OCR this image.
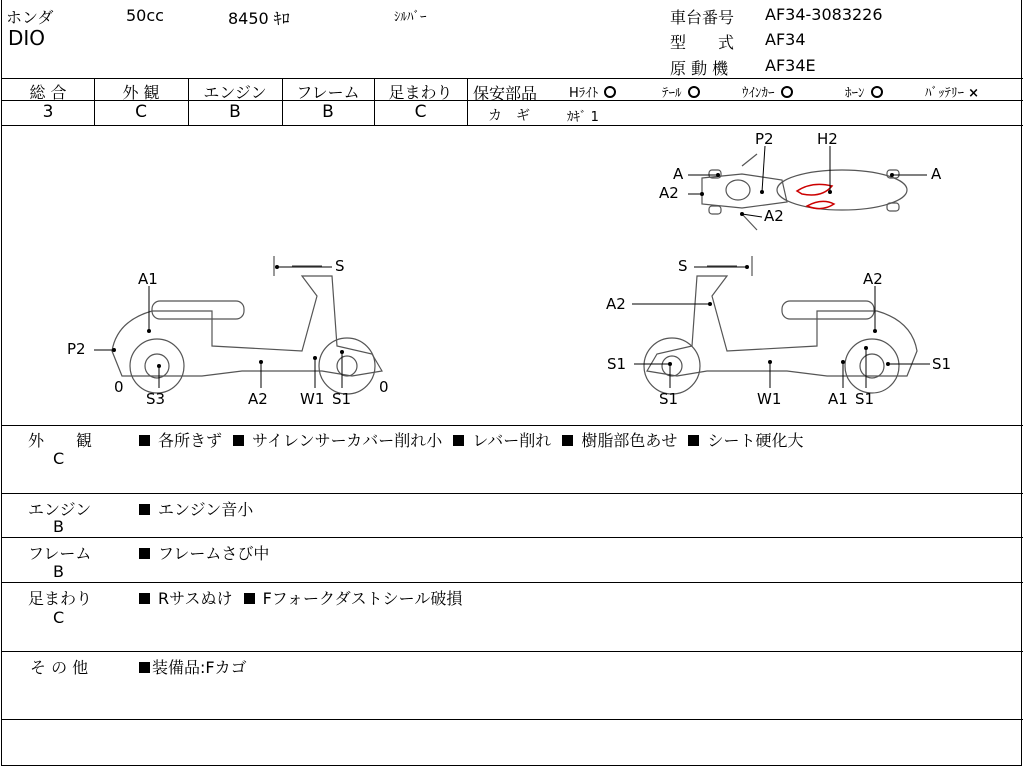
ホンダ
DIO
50cc	8450 ｷﾛ	ｼﾙﾊﾞｰ	車台番号 AF34-3083226
型　　式 AF34
原 動 機 AF34E
総 合	外 観	エンジン	フレーム	足まわり
3	C	B	B	C
保安部品 Hﾗｲﾄ	ﾃｰﾙ	ｳｲﾝｶｰ	ﾎｰﾝ	ﾊﾞｯﾃﾘｰ ×
カ　ギ	ｶｷﾞ 1
P2	H2
A	A
A2
A2
S
A1
P2
0
S3	A2 W1 S1
0
S
A2
A2
S1	S1
S1	W1	A1 S1
外　　観
C
各所きず サイレンサーカバー削れ小 レバー削れ 樹脂部色あせ シート硬化大
エンジン
B
エンジン音小
フレーム
B
フレームさび中
足まわり
C
Rサスぬけ Fフォークダストシール破損
そ の 他	装備品:Fカゴ
